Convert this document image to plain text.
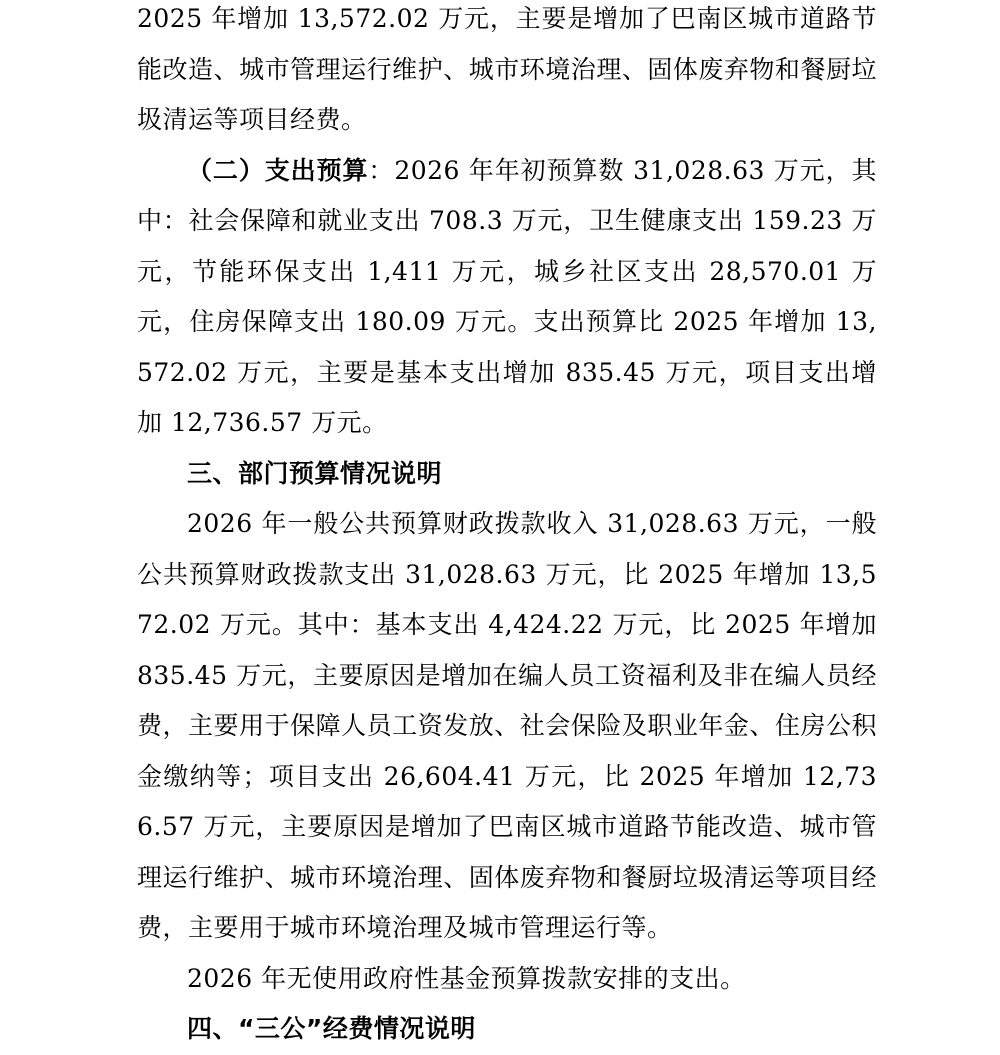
2025 年增加 13,572.02 万元，主要是增加了巴南区城市道路节能改造、城市管理运行维护、城市环境治理、固体废弃物和餐厨垃圾清运等项目经费。

（二）支出预算：2026 年年初预算数 31,028.63 万元，其中：社会保障和就业支出 708.3 万元，卫生健康支出 159.23 万元，节能环保支出 1,411 万元，城乡社区支出 28,570.01 万元，住房保障支出 180.09 万元。支出预算比 2025 年增加 13,572.02 万元，主要是基本支出增加 835.45 万元，项目支出增加 12,736.57 万元。

三、部门预算情况说明

2026 年一般公共预算财政拨款收入 31,028.63 万元，一般公共预算财政拨款支出 31,028.63 万元，比 2025 年增加 13,572.02 万元。其中：基本支出 4,424.22 万元，比 2025 年增加 835.45 万元，主要原因是增加在编人员工资福利及非在编人员经费，主要用于保障人员工资发放、社会保险及职业年金、住房公积金缴纳等；项目支出 26,604.41 万元，比 2025 年增加 12,736.57 万元，主要原因是增加了巴南区城市道路节能改造、城市管理运行维护、城市环境治理、固体废弃物和餐厨垃圾清运等项目经费，主要用于城市环境治理及城市管理运行等。

2026 年无使用政府性基金预算拨款安排的支出。

四、“三公”经费情况说明
